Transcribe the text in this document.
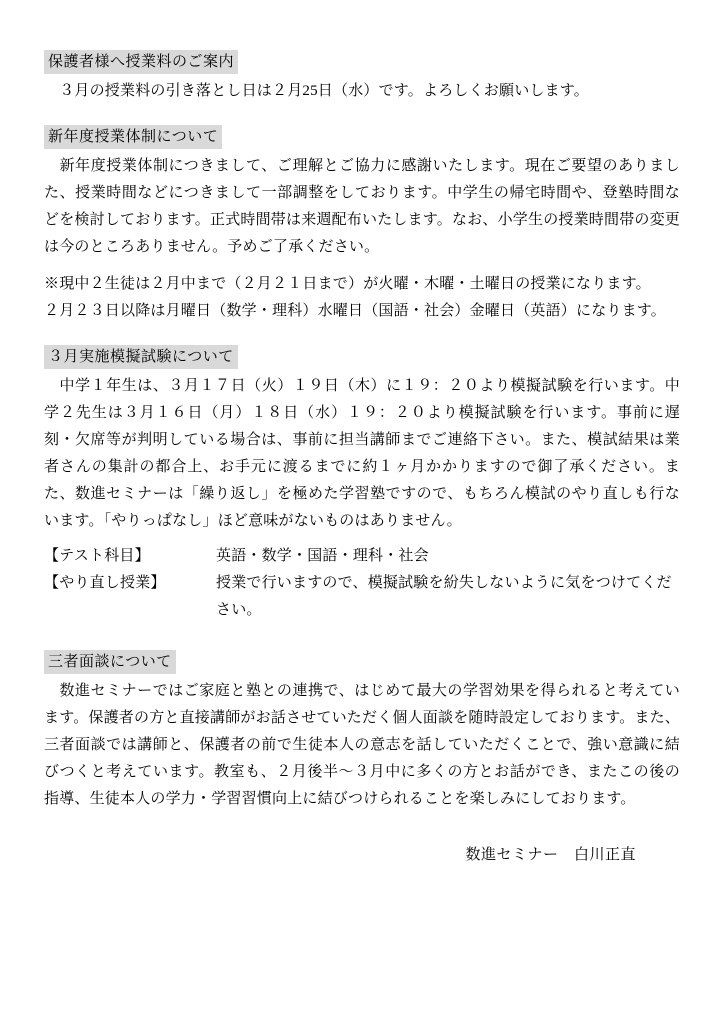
保護者様へ授業料のご案内

　３月の授業料の引き落とし日は２月25日（水）です。よろしくお願いします。

新年度授業体制について

　新年度授業体制につきまして、ご理解とご協力に感謝いたします。現在ご要望のありました、授業時間などにつきまして一部調整をしております。中学生の帰宅時間や、登塾時間などを検討しております。正式時間帯は来週配布いたします。なお、小学生の授業時間帯の変更は今のところありません。予めご了承ください。

※現中２生徒は２月中まで（２月２１日まで）が火曜・木曜・土曜日の授業になります。

２月２３日以降は月曜日（数学・理科）水曜日（国語・社会）金曜日（英語）になります。

３月実施模擬試験について

　中学１年生は、３月１７日（火）１９日（木）に１９：２０より模擬試験を行います。中学２先生は３月１６日（月）１８日（水）１９：２０より模擬試験を行います。事前に遅刻・欠席等が判明している場合は、事前に担当講師までご連絡下さい。また、模試結果は業者さんの集計の都合上、お手元に渡るまでに約１ヶ月かかりますので御了承ください。また、数進セミナーは「繰り返し」を極めた学習塾ですので、もちろん模試のやり直しも行ないます。「やりっぱなし」ほど意味がないものはありません。

【テスト科目】	英語・数学・国語・理科・社会
【やり直し授業】	授業で行いますので、模擬試験を紛失しないように気をつけてください。
三者面談について

　数進セミナーではご家庭と塾との連携で、はじめて最大の学習効果を得られると考えています。保護者の方と直接講師がお話させていただく個人面談を随時設定しております。また、三者面談では講師と、保護者の前で生徒本人の意志を話していただくことで、強い意識に結びつくと考えています。教室も、２月後半～３月中に多くの方とお話ができ、またこの後の指導、生徒本人の学力・学習習慣向上に結びつけられることを楽しみにしております。

数進セミナー　白川正直
